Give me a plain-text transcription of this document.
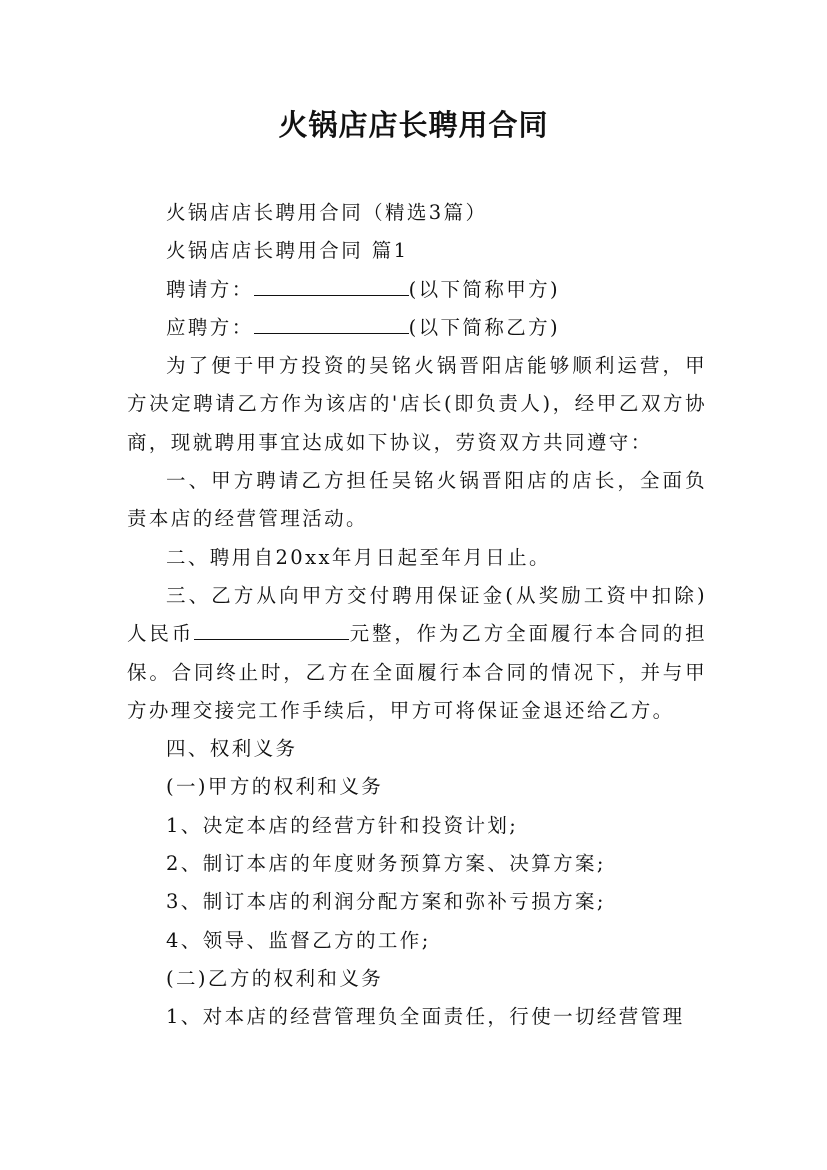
火锅店店长聘用合同

火锅店店长聘用合同（精选3篇）

火锅店店长聘用合同 篇1

聘请方：	(以下简称甲方)

应聘方：	(以下简称乙方)

为了便于甲方投资的吴铭火锅晋阳店能够顺利运营，甲方决定聘请乙方作为该店的'店长(即负责人)，经甲乙双方协商，现就聘用事宜达成如下协议，劳资双方共同遵守：

一、甲方聘请乙方担任吴铭火锅晋阳店的店长，全面负责本店的经营管理活动。

二、聘用自20xx年月日起至年月日止。

三、乙方从向甲方交付聘用保证金(从奖励工资中扣除)人民币	元整，作为乙方全面履行本合同的担保。合同终止时，乙方在全面履行本合同的情况下，并与甲方办理交接完工作手续后，甲方可将保证金退还给乙方。

四、权利义务

(一)甲方的权利和义务

1、决定本店的经营方针和投资计划;

2、制订本店的年度财务预算方案、决算方案;

3、制订本店的利润分配方案和弥补亏损方案;

4、领导、监督乙方的工作;

(二)乙方的权利和义务

1、对本店的经营管理负全面责任，行使一切经营管理
